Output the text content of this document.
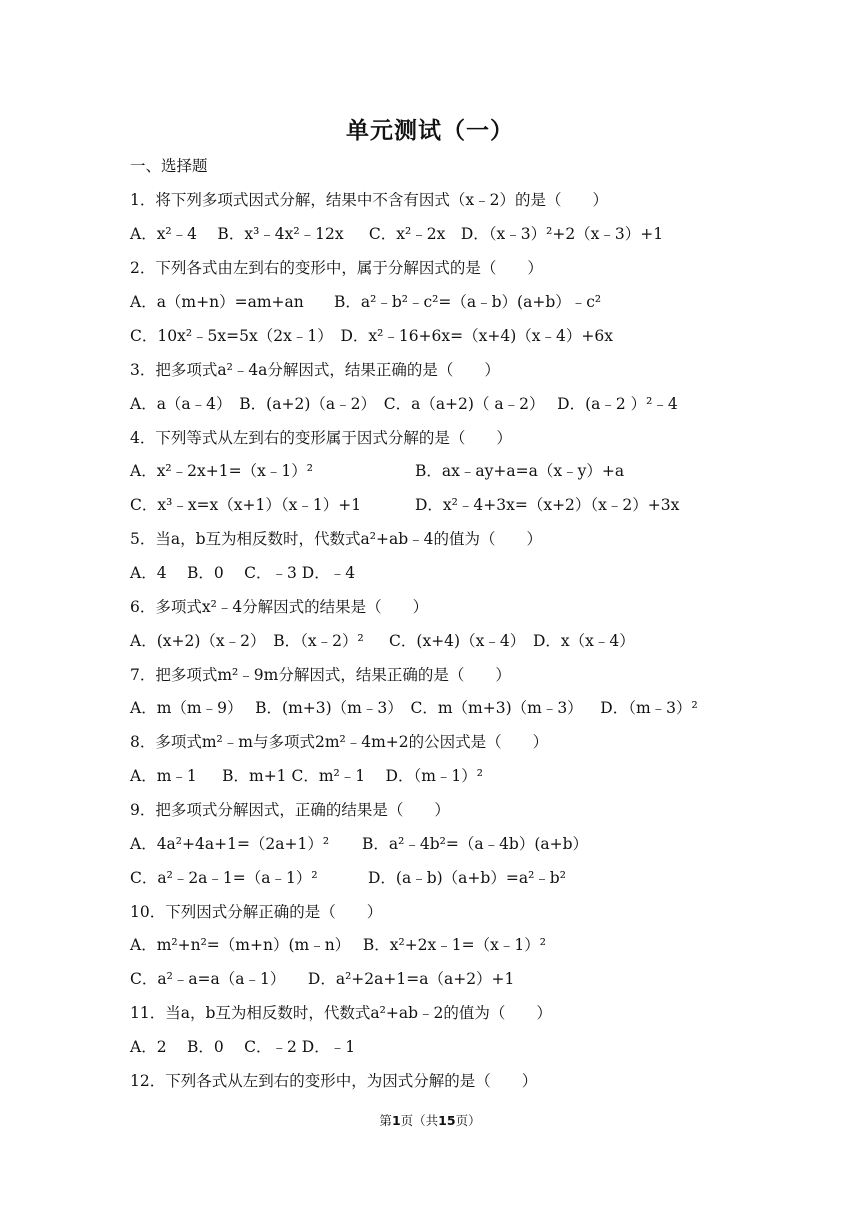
单元测试（一）
一、选择题
1．将下列多项式因式分解，结果中不含有因式（x﹣2）的是（　　）
A．x²﹣4　 B．x³﹣4x²﹣12x　  C．x²﹣2x　D．（x﹣3）²+2（x﹣3）+1
2．下列各式由左到右的变形中，属于分解因式的是（　　）
A．a（m+n）=am+an　   B．a²﹣b²﹣c²=（a﹣b）(a+b）﹣c²
C．10x²﹣5x=5x（2x﹣1）　D．x²﹣16+6x=（x+4)（x﹣4）+6x
3．把多项式a²﹣4a分解因式，结果正确的是（　　）
A．a（a﹣4）　B．(a+2)（a﹣2）　C．a（a+2)（ a﹣2）　 D．(a﹣2 ）²﹣4
4．下列等式从左到右的变形属于因式分解的是（　　）
A．x²﹣2x+1=（x﹣1）²	B．ax﹣ay+a=a（x﹣y）+a
C．x³﹣x=x（x+1）（x﹣1）+1	D．x²﹣4+3x=（x+2）（x﹣2）+3x
5．当a，b互为相反数时，代数式a²+ab﹣4的值为（　　）
A．4　 B．0　 C．﹣3 D．﹣4
6．多项式x²﹣4分解因式的结果是（　　）
A．(x+2)（x﹣2）　B．（x﹣2）²　  C．(x+4)（x﹣4）　D．x（x﹣4）
7．把多项式m²﹣9m分解因式，结果正确的是（　　）
A．m（m﹣9）　 B．(m+3)（m﹣3）　C．m（m+3)（m﹣3）　  D．（m﹣3）²
8．多项式m²﹣m与多项式2m²﹣4m+2的公因式是（　　）
A．m﹣1　  B．m+1 C．m²﹣1　 D．（m﹣1）²
9．把多项式分解因式，正确的结果是（　　）
A．4a²+4a+1=（2a+1）² B．a²﹣4b²=（a﹣4b）(a+b）
C．a²﹣2a﹣1=（a﹣1）²	D．(a﹣b)（a+b）=a²﹣b²
10．下列因式分解正确的是（　　）
A．m²+n²=（m+n）(m﹣n）　 B．x²+2x﹣1=（x﹣1）²
C．a²﹣a=a（a﹣1）　   D．a²+2a+1=a（a+2）+1
11．当a，b互为相反数时，代数式a²+ab﹣2的值为（　　）
A．2　 B．0　 C．﹣2 D．﹣1
12．下列各式从左到右的变形中，为因式分解的是（　　）
第1页（共15页）
